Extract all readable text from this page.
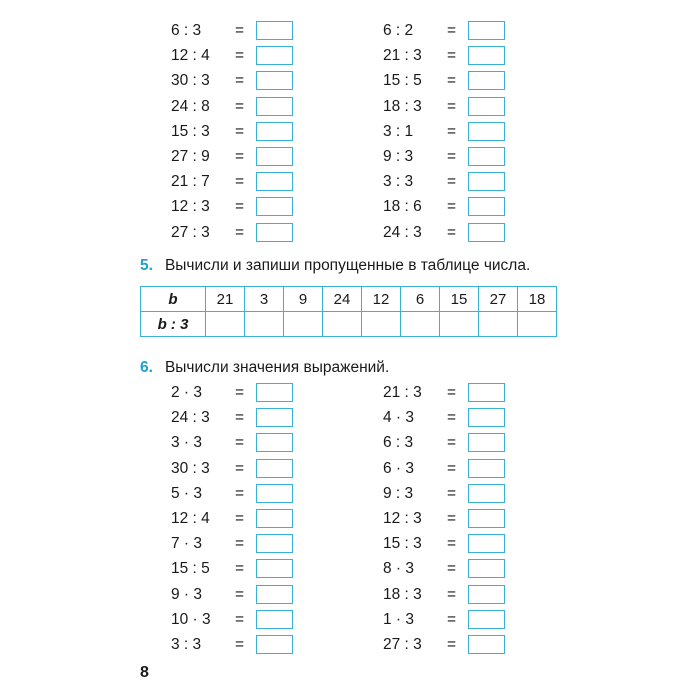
6 : 3 =
12 : 4 =
30 : 3 =
24 : 8 =
15 : 3 =
27 : 9 =
21 : 7 =
12 : 3 =
27 : 3 =
6 : 2 =
21 : 3 =
15 : 5 =
18 : 3 =
3 : 1 =
9 : 3 =
3 : 3 =
18 : 6 =
24 : 3 =
5. Вычисли и запиши пропущенные в таблице числа.
b	21	3	9	24	12	6	15	27	18
b : 3									
6. Вычисли значения выражений.
2 · 3 =
24 : 3 =
3 · 3 =
30 : 3 =
5 · 3 =
12 : 4 =
7 · 3 =
15 : 5 =
9 · 3 =
10 · 3 =
3 : 3 =
21 : 3 =
4 · 3 =
6 : 3 =
6 · 3 =
9 : 3 =
12 : 3 =
15 : 3 =
8 · 3 =
18 : 3 =
1 · 3 =
27 : 3 =
8
